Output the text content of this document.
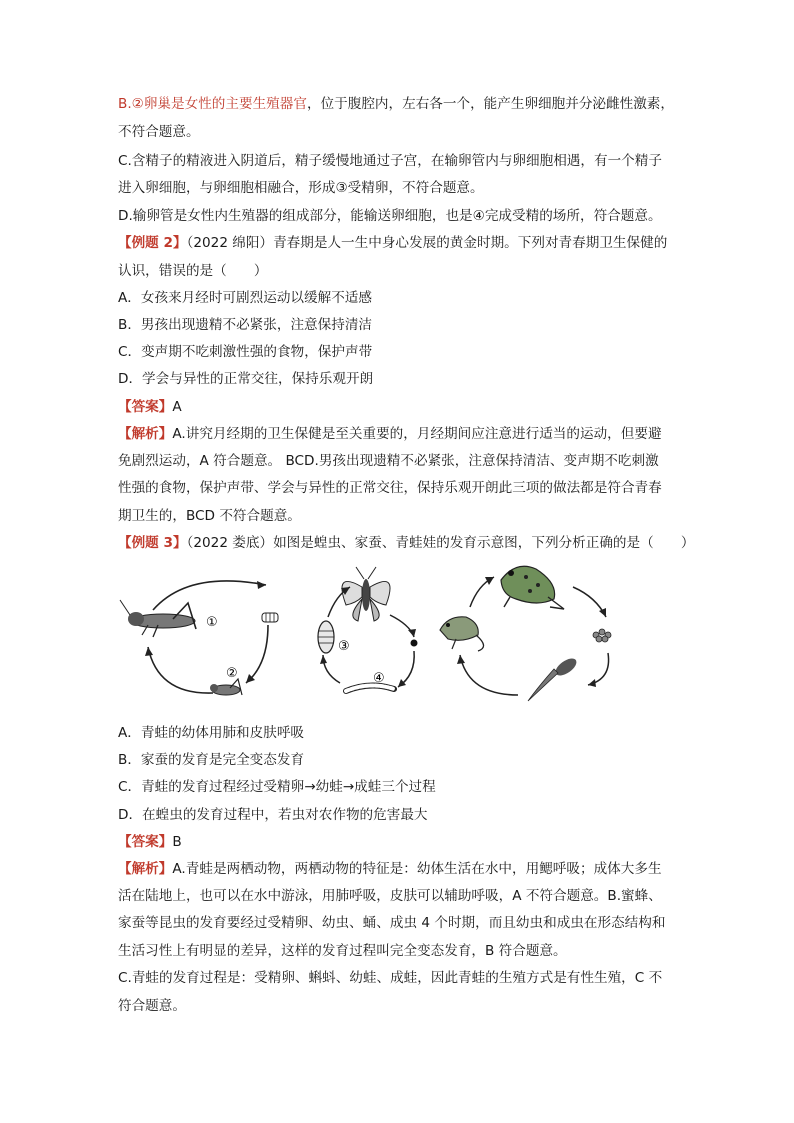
B.②卵巢是女性的主要生殖器官，位于腹腔内，左右各一个，能产生卵细胞并分泌雌性激素，
不符合题意。
C.含精子的精液进入阴道后，精子缓慢地通过子宫，在输卵管内与卵细胞相遇，有一个精子
进入卵细胞，与卵细胞相融合，形成③受精卵，不符合题意。
D.输卵管是女性内生殖器的组成部分，能输送卵细胞，也是④完成受精的场所，符合题意。
【例题 2】（2022 绵阳）青春期是人一生中身心发展的黄金时期。下列对青春期卫生保健的
认识，错误的是（　　）
A．女孩来月经时可剧烈运动以缓解不适感
B．男孩出现遗精不必紧张，注意保持清洁
C．变声期不吃刺激性强的食物，保护声带
D．学会与异性的正常交往，保持乐观开朗
【答案】A
【解析】A.讲究月经期的卫生保健是至关重要的，月经期间应注意进行适当的运动，但要避
免剧烈运动，A 符合题意。 BCD.男孩出现遗精不必紧张，注意保持清洁、变声期不吃刺激
性强的食物，保护声带、学会与异性的正常交往，保持乐观开朗此三项的做法都是符合青春
期卫生的，BCD 不符合题意。
【例题 3】（2022 娄底）如图是蝗虫、家蚕、青蛙娃的发育示意图，下列分析正确的是（　　）
①
②	④
③
A．青蛙的幼体用肺和皮肤呼吸
B．家蚕的发育是完全变态发育
C．青蛙的发育过程经过受精卵→幼蛙→成蛙三个过程
D．在蝗虫的发育过程中，若虫对农作物的危害最大
【答案】B
【解析】A.青蛙是两栖动物，两栖动物的特征是：幼体生活在水中，用鳃呼吸；成体大多生
活在陆地上，也可以在水中游泳，用肺呼吸，皮肤可以辅助呼吸，A 不符合题意。B.蜜蜂、
家蚕等昆虫的发育要经过受精卵、幼虫、蛹、成虫 4 个时期，而且幼虫和成虫在形态结构和
生活习性上有明显的差异，这样的发育过程叫完全变态发育，B 符合题意。
C.青蛙的发育过程是：受精卵、蝌蚪、幼蛙、成蛙，因此青蛙的生殖方式是有性生殖，C 不
符合题意。
